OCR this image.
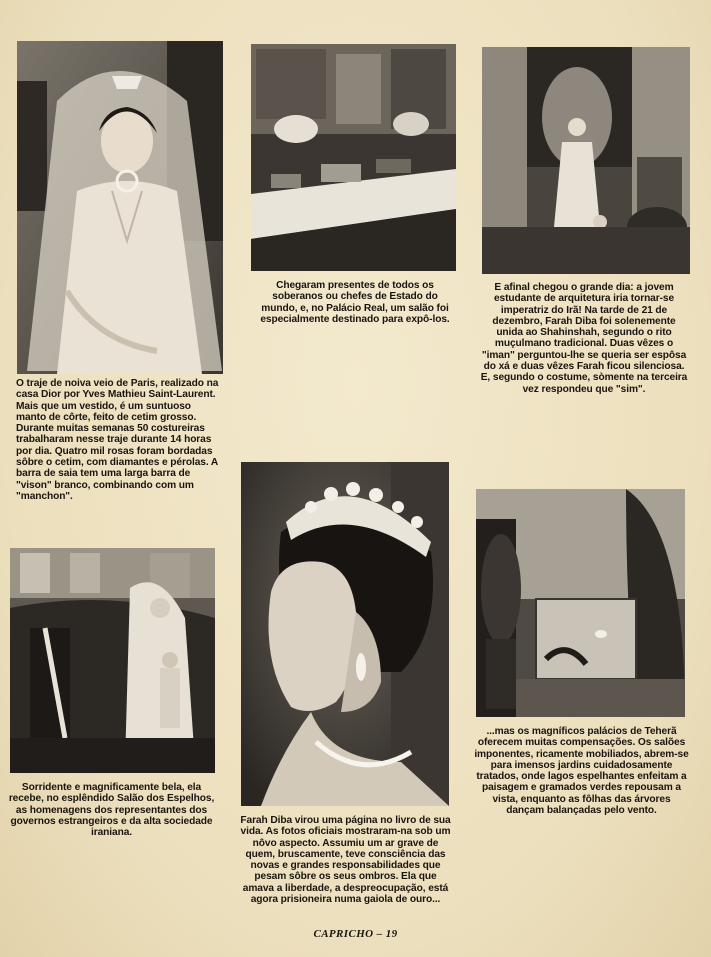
O traje de noiva veio de Paris, realizado na casa Dior por Yves Mathieu Saint-Laurent. Mais que um vestido, é um suntuoso manto de côrte, feito de cetim grosso. Durante muitas semanas 50 costureiras trabalharam nesse traje durante 14 horas por dia. Quatro mil rosas foram bordadas sôbre o cetim, com diamantes e pérolas. A barra de saia tem uma larga barra de "vison" branco, combinando com um "manchon".

Chegaram presentes de todos os soberanos ou chefes de Estado do mundo, e, no Palácio Real, um salão foi especialmente destinado para expô-los.

E afinal chegou o grande dia: a jovem estudante de arquitetura iria tornar-se imperatriz do Irã! Na tarde de 21 de dezembro, Farah Diba foi solenemente unida ao Shahinshah, segundo o rito muçulmano tradicional. Duas vêzes o "iman" perguntou-lhe se queria ser espôsa do xá e duas vêzes Farah ficou silenciosa. E, segundo o costume, sòmente na terceira vez respondeu que "sim".

Sorridente e magnificamente bela, ela recebe, no esplêndido Salão dos Espelhos, as homenagens dos representantes dos governos estrangeiros e da alta sociedade iraniana.

Farah Diba virou uma página no livro de sua vida. As fotos oficiais mostraram-na sob um nôvo aspecto. Assumiu um ar grave de quem, bruscamente, teve consciência das novas e grandes responsabilidades que pesam sôbre os seus ombros. Ela que amava a liberdade, a despreocupação, está agora prisioneira numa gaiola de ouro...

...mas os magníficos palácios de Teherã oferecem muitas compensações. Os salões imponentes, ricamente mobiliados, abrem-se para imensos jardins cuidadosamente tratados, onde lagos espelhantes enfeitam a paisagem e gramados verdes repousam a vista, enquanto as fôlhas das árvores dançam balançadas pelo vento.

CAPRICHO – 19
